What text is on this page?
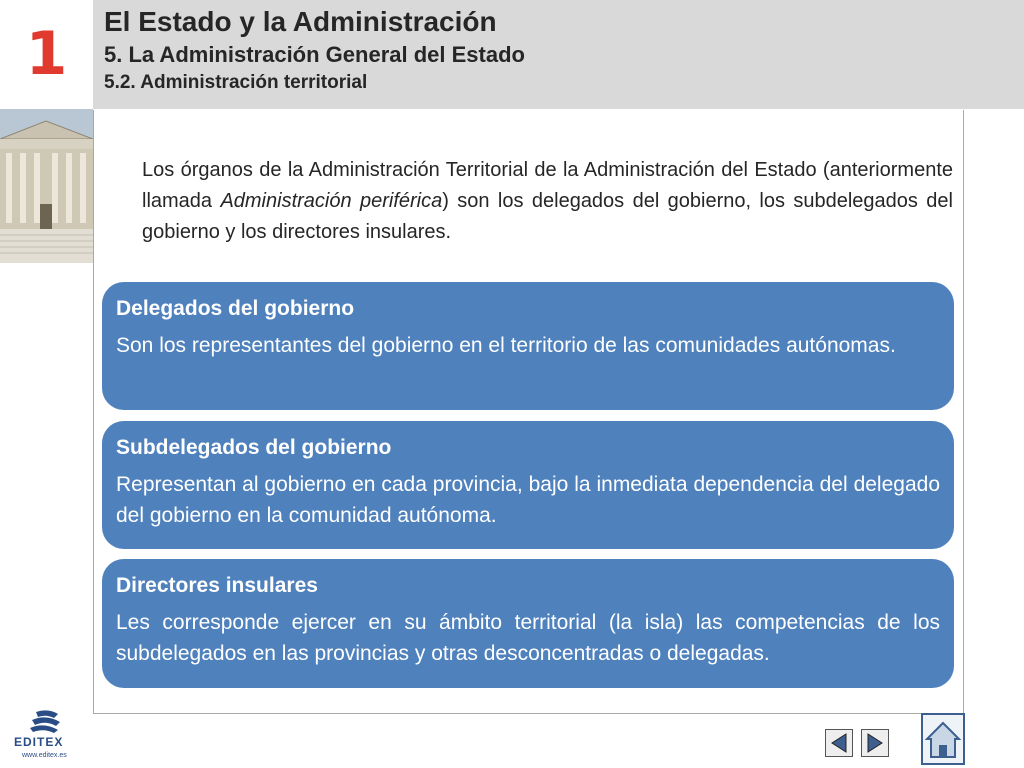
1	El Estado y la Administración
5. La Administración General del Estado
5.2. Administración territorial
Los órganos de la Administración Territorial de la Administración del Estado (anteriormente llamada Administración periférica) son los delegados del gobierno, los subdelegados del gobierno y los directores insulares.
Delegados del gobierno
Son los representantes del gobierno en el territorio de las comunidades autónomas.
Subdelegados del gobierno
Representan al gobierno en cada provincia, bajo la inmediata dependencia del delegado del gobierno en la comunidad autónoma.
Directores insulares
Les corresponde ejercer en su ámbito territorial (la isla) las competencias de los subdelegados en las provincias y otras desconcentradas o delegadas.
EDITEX
www.editex.es
